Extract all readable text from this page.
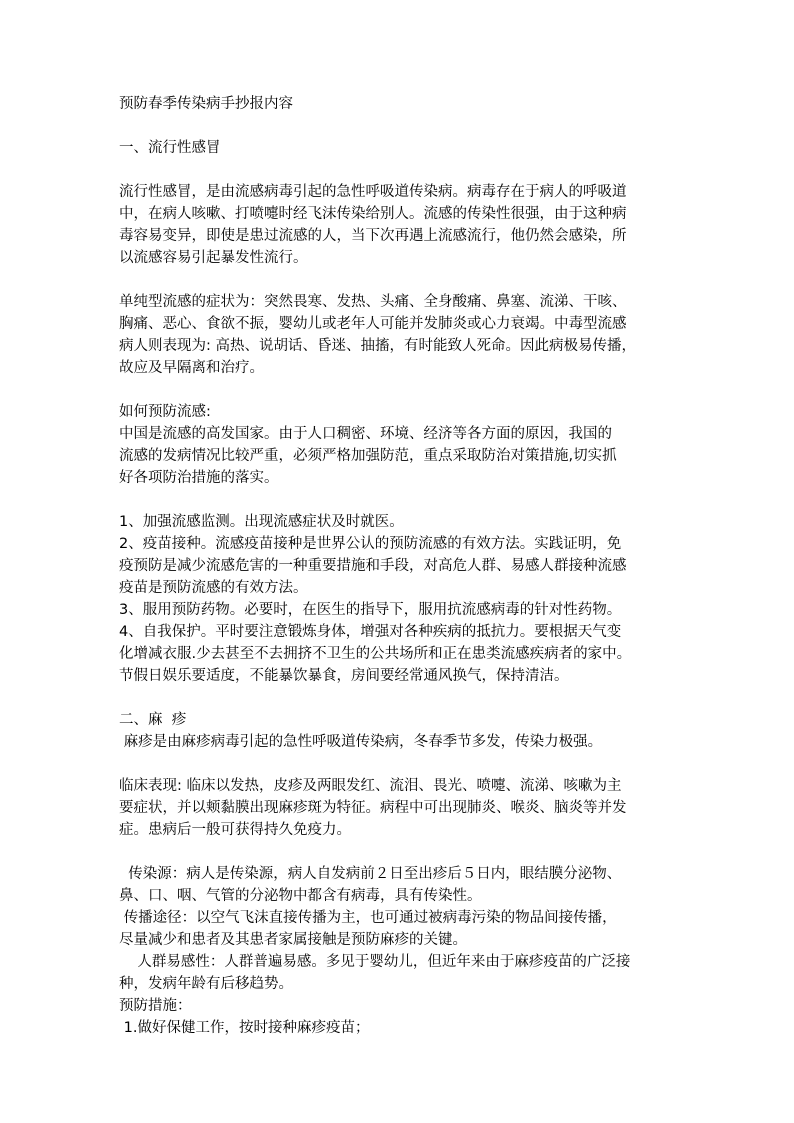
预防春季传染病手抄报内容
一、流行性感冒
流行性感冒，是由流感病毒引起的急性呼吸道传染病。病毒存在于病人的呼吸道
中，在病人咳嗽、打喷嚏时经飞沫传染给别人。流感的传染性很强，由于这种病
毒容易变异，即使是患过流感的人，当下次再遇上流感流行，他仍然会感染，所
以流感容易引起暴发性流行。
单纯型流感的症状为：突然畏寒、发热、头痛、全身酸痛、鼻塞、流涕、干咳、
胸痛、恶心、食欲不振，婴幼儿或老年人可能并发肺炎或心力衰竭。中毒型流感
病人则表现为: 高热、说胡话、昏迷、抽搐，有时能致人死命。因此病极易传播，
故应及早隔离和治疗。
如何预防流感:
中国是流感的高发国家。由于人口稠密、环境、经济等各方面的原因，我国的
流感的发病情况比较严重，必须严格加强防范，重点采取防治对策措施,切实抓
好各项防治措施的落实。
1、加强流感监测。出现流感症状及时就医。
2、疫苗接种。流感疫苗接种是世界公认的预防流感的有效方法。实践证明，免
疫预防是减少流感危害的一种重要措施和手段，对高危人群、易感人群接种流感
疫苗是预防流感的有效方法。
3、服用预防药物。必要时，在医生的指导下，服用抗流感病毒的针对性药物。
4、自我保护。平时要注意锻炼身体，增强对各种疾病的抵抗力。要根据天气变
化增减衣服.少去甚至不去拥挤不卫生的公共场所和正在患类流感疾病者的家中。
节假日娱乐要适度，不能暴饮暴食，房间要经常通风换气，保持清洁。
二、麻  疹
麻疹是由麻疹病毒引起的急性呼吸道传染病，冬春季节多发，传染力极强。
临床表现: 临床以发热，皮疹及两眼发红、流泪、畏光、喷嚏、流涕、咳嗽为主
要症状，并以颊黏膜出现麻疹斑为特征。病程中可出现肺炎、喉炎、脑炎等并发
症。患病后一般可获得持久免疫力。
传染源：病人是传染源，病人自发病前２日至出疹后５日内，眼结膜分泌物、
鼻、口、咽、气管的分泌物中都含有病毒，具有传染性。
传播途径：以空气飞沫直接传播为主，也可通过被病毒污染的物品间接传播，
尽量减少和患者及其患者家属接触是预防麻疹的关键。
人群易感性：人群普遍易感。多见于婴幼儿，但近年来由于麻疹疫苗的广泛接
种，发病年龄有后移趋势。
预防措施：
1.做好保健工作，按时接种麻疹疫苗；
